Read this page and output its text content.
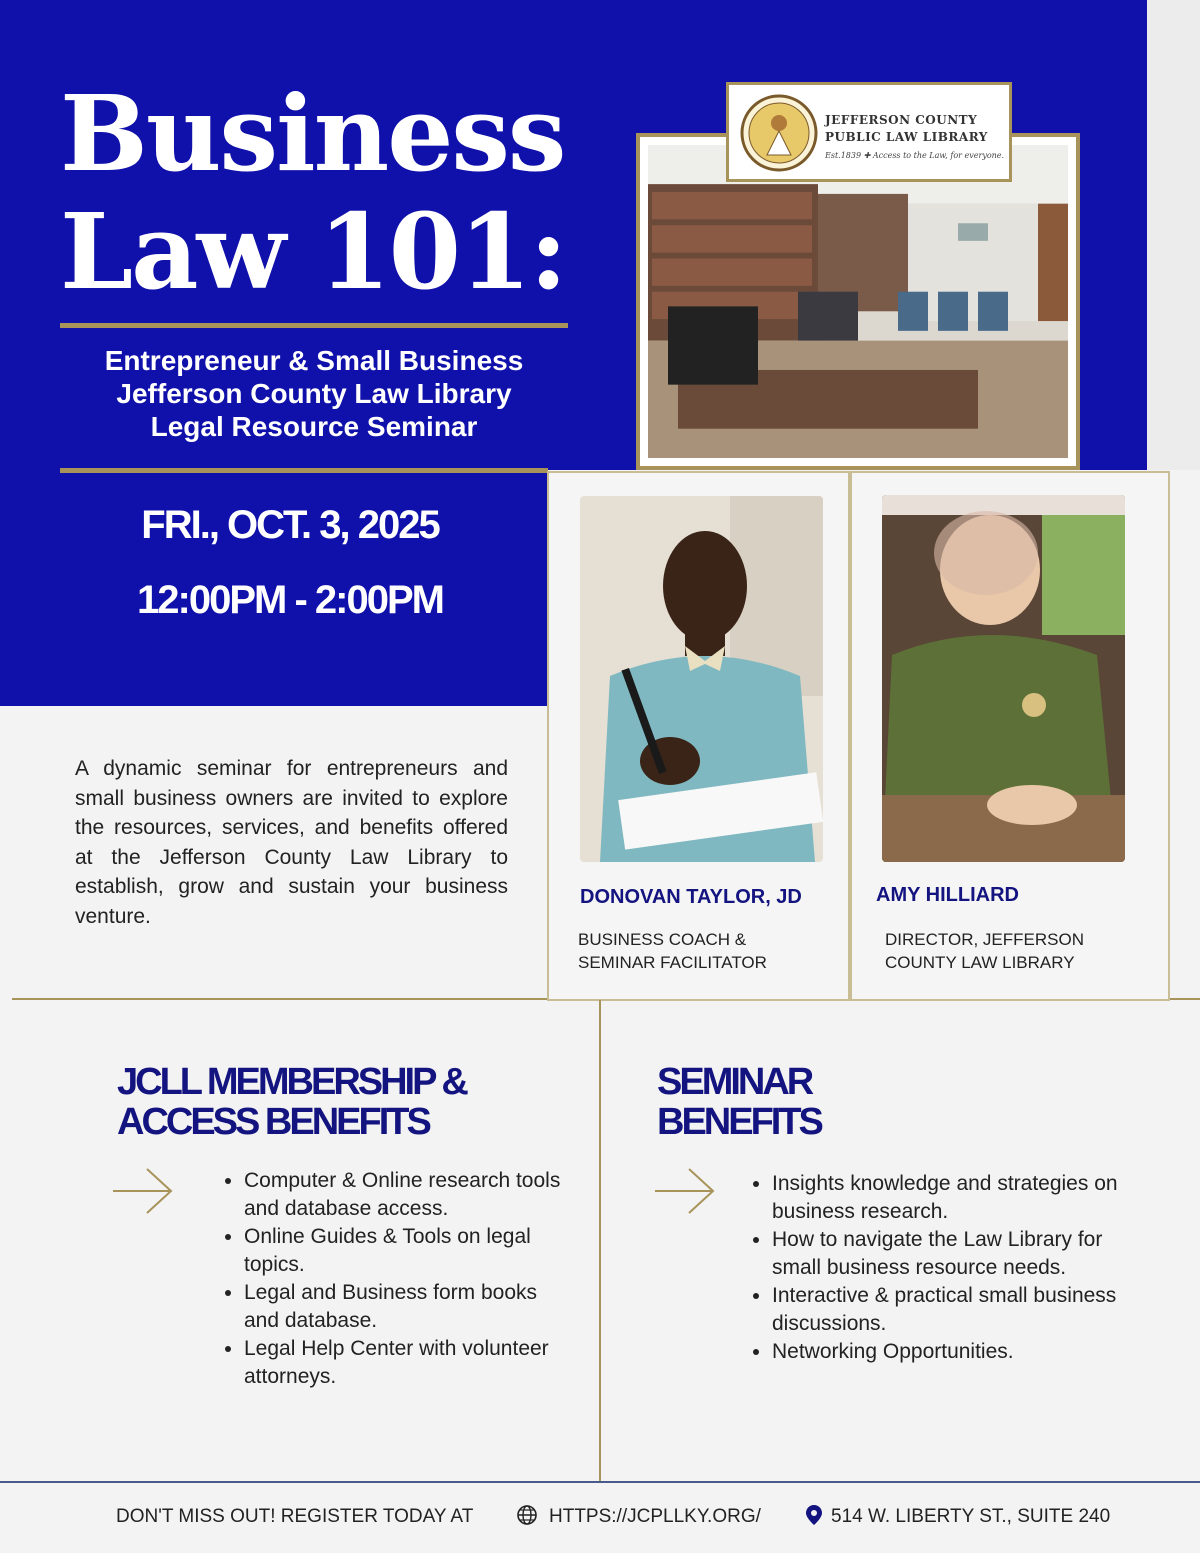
Business
Law 101:
Entrepreneur & Small Business
Jefferson County Law Library
Legal Resource Seminar
FRI., OCT. 3, 2025
12:00PM - 2:00PM
JEFFERSON COUNTY
PUBLIC LAW LIBRARY
Est.1839 ✚ Access to the Law, for everyone.
DONOVAN TAYLOR, JD
BUSINESS COACH &
SEMINAR FACILITATOR
AMY HILLIARD
DIRECTOR, JEFFERSON
COUNTY LAW LIBRARY
A dynamic seminar for entrepreneurs and small business owners are invited to explore the resources, services, and benefits offered at the Jefferson County Law Library to establish, grow and sustain your business venture.
JCLL MEMBERSHIP &
ACCESS BENEFITS
• Computer & Online research tools and database access.
• Online Guides & Tools on legal topics.
• Legal and Business form books and database.
• Legal Help Center with volunteer attorneys.
SEMINAR
BENEFITS
• Insights knowledge and strategies on business research.
• How to navigate the Law Library for small business resource needs.
• Interactive & practical small business discussions.
• Networking Opportunities.
DON'T MISS OUT! REGISTER TODAY AT	HTTPS://JCPLLKY.ORG/	514 W. LIBERTY ST., SUITE 240
